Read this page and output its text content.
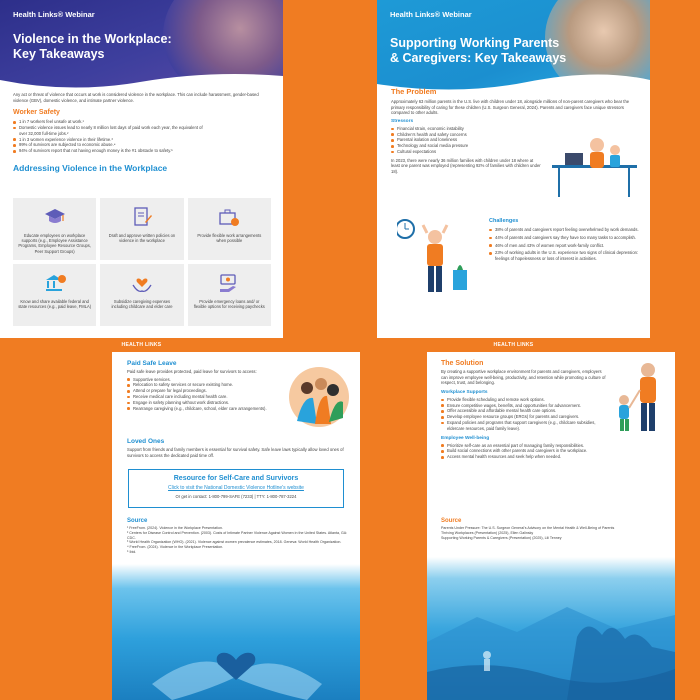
Health Links® Webinar
Violence in the Workplace:
Key Takeaways

Any act or threat of violence that occurs at work is considered violence in the workplace. This can include harassment, gender-based violence (GBV), domestic violence, and intimate partner violence.

Worker Safety
1 in 7 workers feel unsafe at work.¹
Domestic violence issues lead to nearly 8 million lost days of paid work each year, the equivalent of over 32,000 full-time jobs.²
1 in 3 women experience violence in their lifetime.³
99% of survivors are subjected to economic abuse.⁴
94% of survivors report that not having enough money is the #1 obstacle to safety.⁵
Addressing Violence in the Workplace
Educate employees on workplace supports (e.g., Employee Assistance Programs, Employee Resource Groups, Peer Support Groups)
Draft and approve written policies on violence in the workplace
Provide flexible work arrangements when possible
Know and share available federal and state resources (e.g., paid leave, FMLA)
Subsidize caregiving expenses including childcare and elder care
Provide emergency loans and/ or flexible options for receiving paychecks
HEALTH LINKS
Health Links® Webinar
Supporting Working Parents
& Caregivers: Key Takeaways
The Problem

Approximately 63 million parents in the U.S. live with children under 18, alongside millions of non-parent caregivers who bear the primary responsibility of caring for these children (U.S. Surgeon General, 2024). Parents and caregivers face unique stressors compared to other adults.

Stressors
Financial strain, economic instability
Children's health and safety concerns
Parental isolation and loneliness
Technology and social media pressure
Cultural expectations

In 2023, there were nearly 36 million families with children under 18 where at least one parent was employed (representing 92% of families with children under 18).

Challenges
38% of parents and caregivers report feeling overwhelmed by work demands.
44% of parents and caregivers say they have too many tasks to accomplish.
46% of men and 43% of women report work-family conflict.
23% of working adults in the U.S. experience two signs of clinical depression: feelings of hopelessness or loss of interest in activities.
HEALTH LINKS
Paid Safe Leave

Paid safe leave provides protected, paid leave for survivors to access:

Supportive services.
Relocation to safety services or secure existing home.
Attend or prepare for legal proceedings.
Receive medical care including mental health care.
Engage in safety planning without work distractions.
Rearrange caregiving (e.g., childcare, school, elder care arrangements).
Loved Ones

Support from friends and family members is essential for survival safety. Safe leave laws typically allow loved ones of survivors to access the dedicated paid time off.

Resource for Self-Care and Survivors
Click to visit the National Domestic Violence Hotline's website
Or get in contact: 1-800-799-SAFE (7233) | TTY: 1-800-787-3224
Source

¹ FreeFrom. (2024). Violence in the Workplace Presentation.

² Centers for Disease Control and Prevention. (2003). Costs of Intimate Partner Violence Against Women in the United States. Atlanta, GA: CDC.

³ World Health Organization (WHO). (2021). Violence against women prevalence estimates, 2018. Geneva: World Health Organization.

⁴ FreeFrom. (2024). Violence in the Workplace Presentation.

⁵ Ibid.

The Solution

By creating a supportive workplace environment for parents and caregivers, employers can improve employee well-being, productivity, and retention while promoting a culture of respect, trust, and belonging.

Workplace Supports
Provide flexible scheduling and remote work options.
Ensure competitive wages, benefits, and opportunities for advancement.
Offer accessible and affordable mental health care options.
Develop employee resource groups (ERGs) for parents and caregivers.
Expand policies and programs that support caregivers (e.g., childcare subsidies, eldercare resources, paid family leave).
Employee Well-being
Prioritize self-care as an essential part of managing family responsibilities.
Build social connections with other parents and caregivers in the workplace.
Access mental health resources and seek help when needed.
Source

Parents Under Pressure: The U.S. Surgeon General's Advisory on the Mental Health & Well-Being of Parents

Thriving Workplaces (Presentation) (2025), Ellen Galinsky

Supporting Working Parents & Caregivers (Presentation) (2025), Lili Tenney
